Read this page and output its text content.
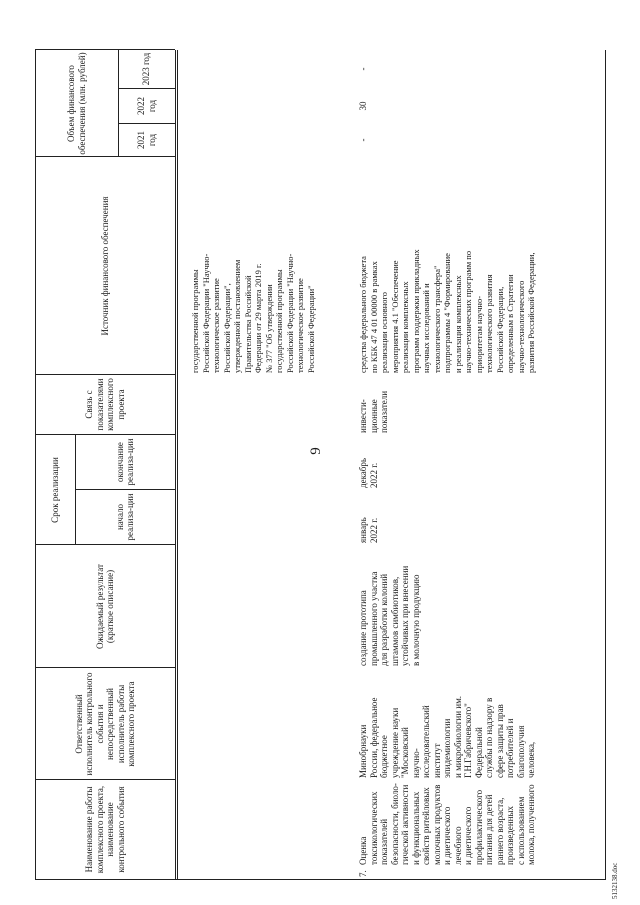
9
Наименование работы комплексного проекта, наименование контрольного события
Ответственный исполнитель контрольного события и непосредственный исполнитель работы комплексного проекта
Ожидаемый результат (краткое описание)
Срок реализации	начало реализа-ции
окончание реализа-ции
Связь с показателями комплексного проекта
Источник финансового обеспечения
Объем финансового обеспечения (млн. рублей)	2021 год
2022 год
2023 год
государственной программы
Российской Федерации "Научно-
технологическое развитие
Российской Федерации",
утвержденной постановлением
Правительства Российской
Федерации от 29 марта 2019 г.
№ 377 "Об утверждении
государственной программы
Российской Федерации "Научно-
технологическое развитие
Российской Федерации"
7.
Оценка
токсикологических
показателей
безопасности, биоло-
гической активности
и функциональных
свойств ритейловых
молочных продуктов
и диетического
лечебного
и диетического
профилактического
питания для детей
раннего возраста,
произведенных
с использованием
молока, полученного
Минобрнауки
России, федеральное
бюджетное
учреждение науки
"Московский
научно-
исследовательский
институт
эпидемиологии
и микробиологии им.
Г.Н.Габричевского"
Федеральной
службы по надзору в
сфере защиты прав
потребителей и
благополучия
человека,
создание прототипа
промышленного участка
для разработки колоний
штаммов симбиотиков,
устойчивых при внесении
в молочную продукцию
январь
2022 г.
декабрь
2022 г.
инвести-
ционные
показатели
средства федерального бюджета
по КБК 47 4 01 00000 в рамках
реализации основного
мероприятия 4.1 "Обеспечение
реализации комплексных
программ поддержки прикладных
научных исследований и
технологического трансфера"
подпрограммы 4 "Формирование
и реализация комплексных
научно-технических программ по
приоритетам научно-
технологического развития
Российской Федерации,
определенным в Стратегии
научно-технологического
развития Российской Федерации,
-
30
-
5132138.doc
